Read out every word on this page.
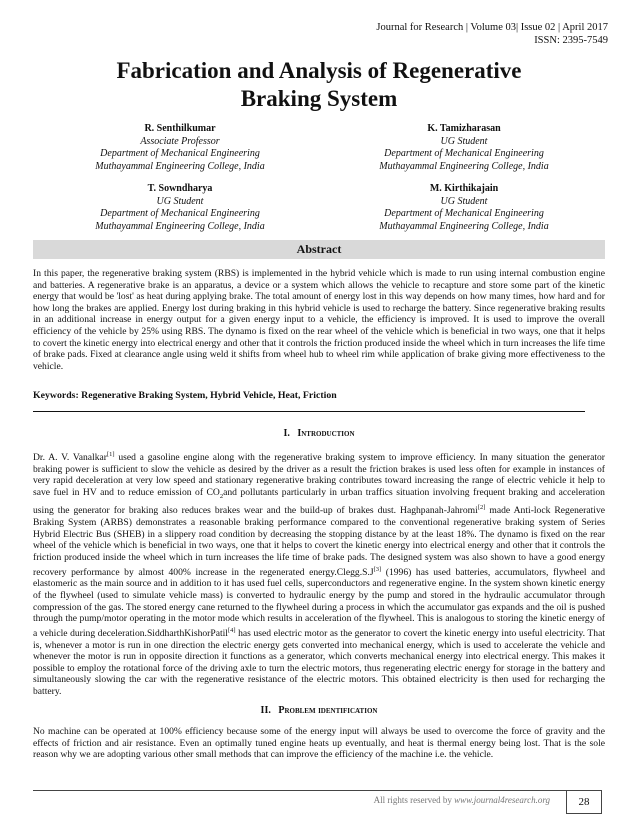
Journal for Research | Volume 03| Issue 02 | April 2017
ISSN: 2395-7549
Fabrication and Analysis of Regenerative
Braking System
R. Senthilkumar
Associate Professor
Department of Mechanical Engineering
Muthayammal Engineering College, India
K. Tamizharasan
UG Student
Department of Mechanical Engineering
Muthayammal Engineering College, India
T. Sowndharya
UG Student
Department of Mechanical Engineering
Muthayammal Engineering College, India
M. Kirthikajain
UG Student
Department of Mechanical Engineering
Muthayammal Engineering College, India
Abstract
In this paper, the regenerative braking system (RBS) is implemented in the hybrid vehicle which is made to run using internal combustion engine and batteries. A regenerative brake is an apparatus, a device or a system which allows the vehicle to recapture and store some part of the kinetic energy that would be 'lost' as heat during applying brake. The total amount of energy lost in this way depends on how many times, how hard and for how long the brakes are applied. Energy lost during braking in this hybrid vehicle is used to recharge the battery. Since regenerative braking results in an additional increase in energy output for a given energy input to a vehicle, the efficiency is improved. It is used to improve the overall efficiency of the vehicle by 25% using RBS. The dynamo is fixed on the rear wheel of the vehicle which is beneficial in two ways, one that it helps to covert the kinetic energy into electrical energy and other that it controls the friction produced inside the wheel which in turn increases the life time of brake pads. Fixed at clearance angle using weld it shifts from wheel hub to wheel rim while application of brake giving more effectiveness to the vehicle.
Keywords: Regenerative Braking System, Hybrid Vehicle, Heat, Friction
I. Introduction
Dr. A. V. Vanalkar[1] used a gasoline engine along with the regenerative braking system to improve efficiency. In many situation the generator braking power is sufficient to slow the vehicle as desired by the driver as a result the friction brakes is used less often for example in instances of very rapid deceleration at very low speed and stationary regenerative braking contributes toward increasing the range of electric vehicle it help to save fuel in HV and to reduce emission of $CO_2and$ pollutants particularly in urban traffics situation involving frequent braking and acceleration using the generator for braking also reduces brakes wear and the build-up of brakes dust. Haghpanah-Jahromi[2] made Anti-lock Regenerative Braking System (ARBS) demonstrates a reasonable braking performance compared to the conventional regenerative braking system of Series Hybrid Electric Bus (SHEB) in a slippery road condition by decreasing the stopping distance by at the least 18%. The dynamo is fixed on the rear wheel of the vehicle which is beneficial in two ways, one that it helps to covert the kinetic energy into electrical energy and other that it controls the friction produced inside the wheel which in turn increases the life time of brake pads. The designed system was also shown to have a good energy recovery performance by almost 400% increase in the regenerated energy.Clegg.S.J[3] (1996) has used batteries, accumulators, flywheel and elastomeric as the main source and in addition to it has used fuel cells, superconductors and regenerative engine. In the system shown kinetic energy of the flywheel (used to simulate vehicle mass) is converted to hydraulic energy by the pump and stored in the hydraulic accumulator through compression of the gas. The stored energy cane returned to the flywheel during a process in which the accumulator gas expands and the oil is pushed through the pump/motor operating in the motor mode which results in acceleration of the flywheel. This is analogous to storing the kinetic energy of a vehicle during deceleration.SiddharthKishorPatil[4] has used electric motor as the generator to covert the kinetic energy into useful electricity. That is, whenever a motor is run in one direction the electric energy gets converted into mechanical energy, which is used to accelerate the vehicle and whenever the motor is run in opposite direction it functions as a generator, which converts mechanical energy into electrical energy. This makes it possible to employ the rotational force of the driving axle to turn the electric motors, thus regenerating electric energy for storage in the battery and simultaneously slowing the car with the regenerative resistance of the electric motors. This obtained electricity is then used for recharging the battery.
II. Problem identification
No machine can be operated at 100% efficiency because some of the energy input will always be used to overcome the force of gravity and the effects of friction and air resistance. Even an optimally tuned engine heats up eventually, and heat is thermal energy being lost. That is the sole reason why we are adopting various other small methods that can improve the efficiency of the machine i.e. the vehicle.
All rights reserved by www.journal4research.org	28
